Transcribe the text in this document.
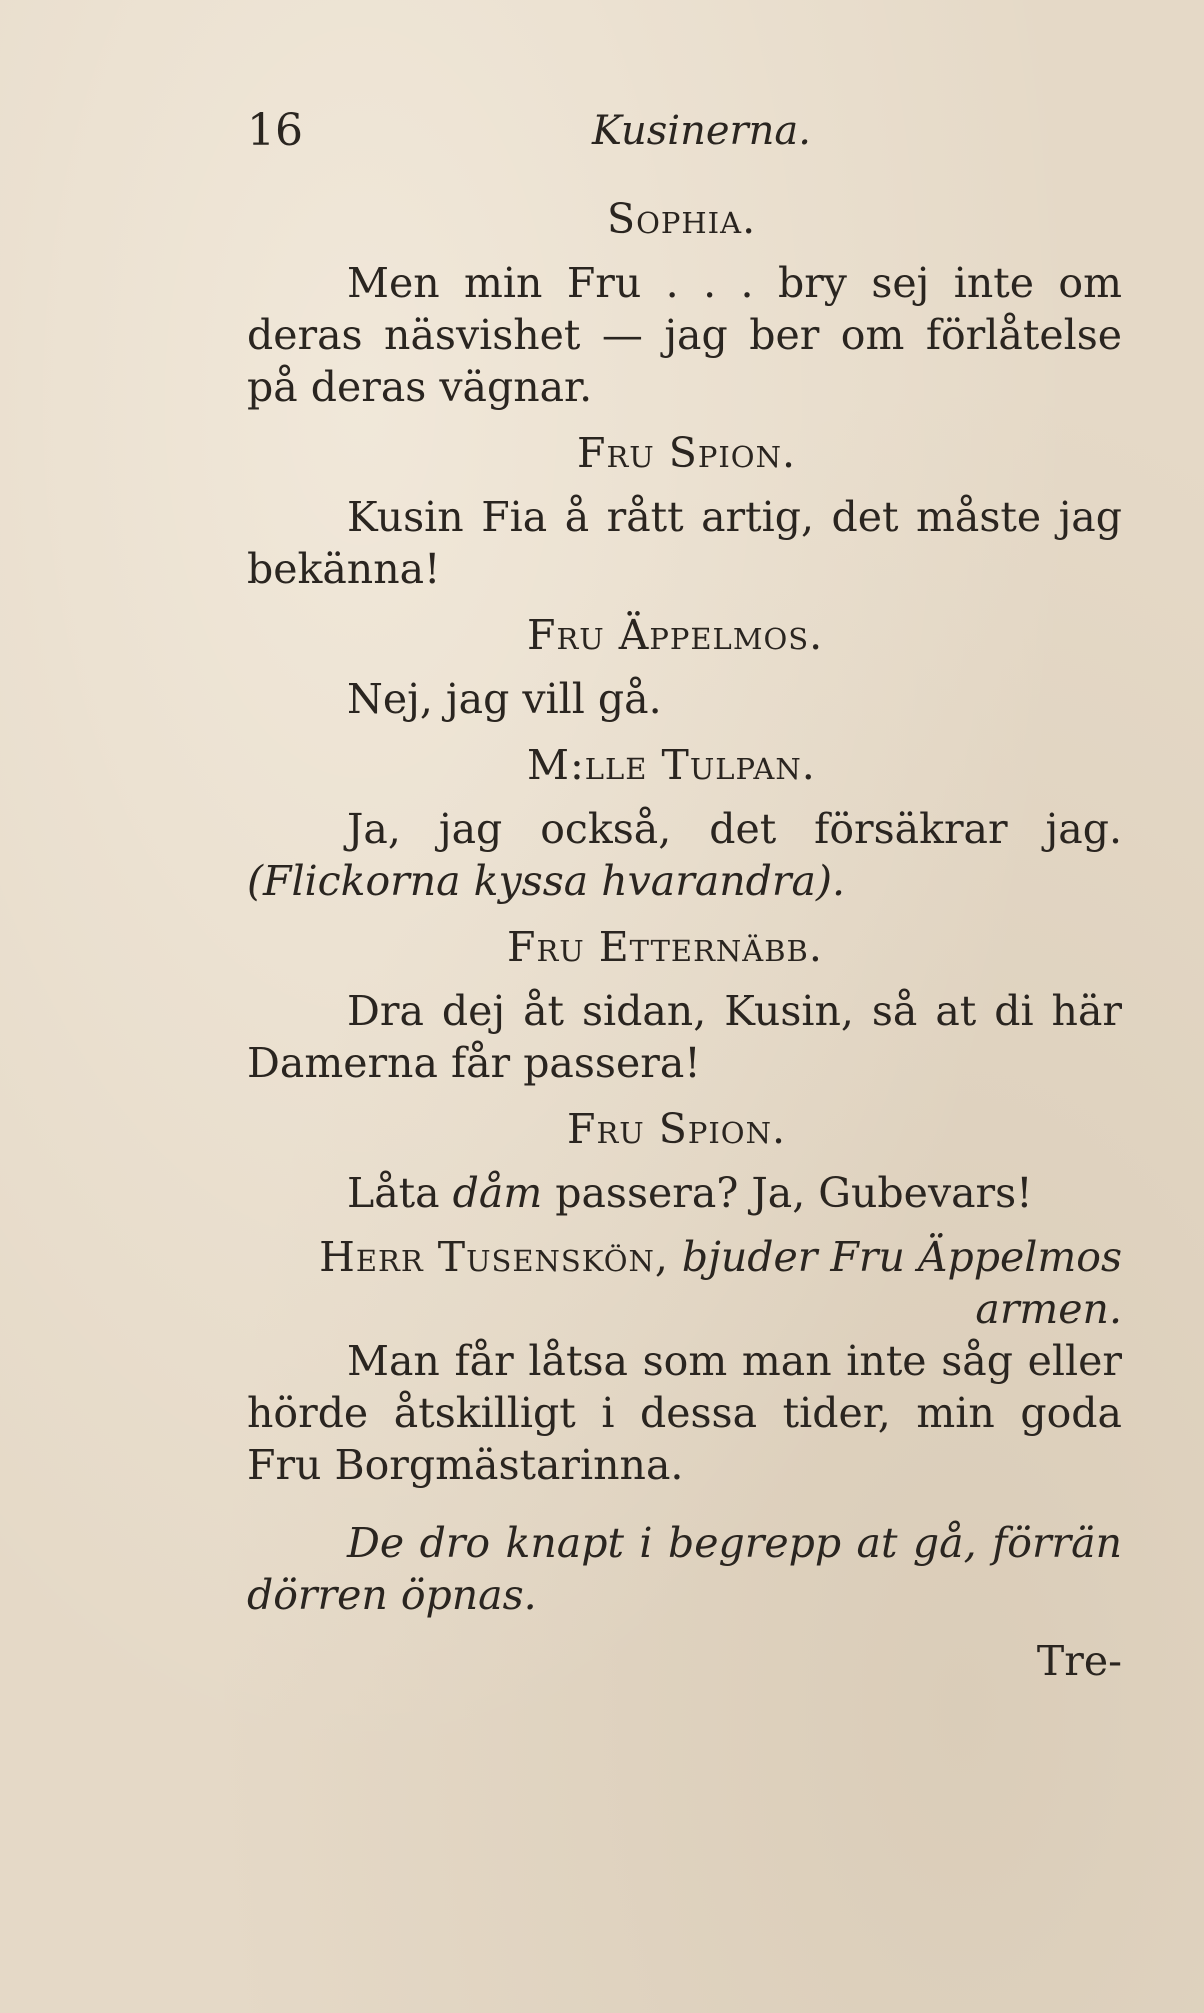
16	Kusinerna.
Sophia.

Men min Fru . . . bry sej inte om deras näsvishet — jag ber om förlåtelse på deras vägnar.

Fru Spion.

Kusin Fia å rått artig, det måste jag bekänna!

Fru Äppelmos.

Nej, jag vill gå.

M:lle Tulpan.

Ja, jag också, det försäkrar jag. (Flickorna kyssa hvarandra).

Fru Etternäbb.

Dra dej åt sidan, Kusin, så at di här Damerna får passera!

Fru Spion.

Låta dåm passera? Ja, Gubevars!

Herr Tusenskön, bjuder Fru Äppelmos armen.

Man får låtsa som man inte såg eller hörde åtskilligt i dessa tider, min goda Fru Borgmästarinna.

De dro knapt i begrepp at gå, förrän dörren öpnas.
Tre-
